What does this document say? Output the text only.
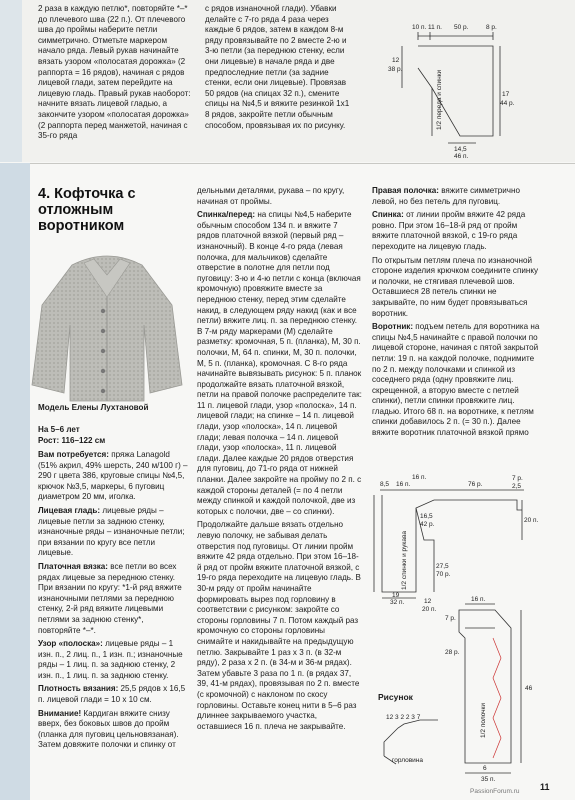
2 раза в каждую петлю*, повторяйте *–* до плечевого шва (22 п.). От плечевого шва до проймы наберите петли симметрично. Отметьте маркером начало ряда. Левый рукав начинайте вязать узором «полосатая дорожка» (2 раппорта = 16 рядов), начиная с рядов лицевой глади, затем перейдите на лицевую гладь. Правый рукав наоборот: начните вязать лицевой гладью, а закончите узором «полосатая дорожка» (2 раппорта перед манжетой, начиная с 35-го ряда

с рядов изнаночной глади). Убавки делайте с 7-го ряда 4 раза через каждые 6 рядов, затем в каждом 8-м ряду провязывайте по 2 вместе 2-ю и 3-ю петли (за переднюю стенку, если они лицевые) в начале ряда и две предпоследние петли (за задние стенки, если они лицевые). Провязав 50 рядов (на спицах 32 п.), смените спицы на №4,5 и вяжите резинкой 1х1 8 рядов, закройте петли обычным способом, провязывая их по рисунку.

10 п. 11 п. 50 р.	8 р.
12
38 р.
1/2 переда и спинки	17
44 р.
14,5
46 п.
4. Кофточка с отложным воротником
Модель Елены Лухтановой
На 5–6 лет
Рост: 116–122 см

Вам потребуется: пряжа Lanagold (51% акрил, 49% шерсть, 240 м/100 г) – 290 г цвета 386, круговые спицы №4,5, крючок №3,5, маркеры, 6 пуговиц диаметром 20 мм, иголка.

Лицевая гладь: лицевые ряды – лицевые петли за заднюю стенку, изнаночные ряды – изнаночные петли; при вязании по кругу все петли лицевые.

Платочная вязка: все петли во всех рядах лицевые за переднюю стенку. При вязании по кругу: *1-й ряд вяжите изнаночными петлями за переднюю стенку, 2-й ряд вяжите лицевыми петлями за заднюю стенку*, повторяйте *–*.

Узор «полоска»: лицевые ряды – 1 изн. п., 2 лиц. п., 1 изн. п.; изнаночные ряды – 1 лиц. п. за заднюю стенку, 2 изн. п., 1 лиц. п. за заднюю стенку.

Плотность вязания: 25,5 рядов x 16,5 п. лицевой глади = 10 х 10 см.

Внимание! Кардиган вяжите снизу вверх, без боковых швов до пройм (планка для пуговиц цельновязаная). Затем довяжите полочки и спинку от

дельными деталями, рукава – по кругу, начиная от проймы.

Спинка/перед: на спицы №4,5 наберите обычным способом 134 п. и вяжите 7 рядов платочной вязкой (первый ряд – изнаночный). В конце 4-го ряда (левая полочка, для мальчиков) сделайте отверстие в полотне для петли под пуговицу: 3-ю и 4-ю петли с конца (включая кромочную) провяжите вместе за переднюю стенку, перед этим сделайте накид, в следующем ряду накид (как и все петли) вяжите лиц. п. за переднюю стенку. В 7-м ряду маркерами (М) сделайте разметку: кромочная, 5 п. (планка), М, 30 п. полочки, М, 64 п. спинки, М, 30 п. полочки, М, 5 п. (планка), кромочная. С 8-го ряда начинайте вывязывать рисунок: 5 п. планок продолжайте вязать платочной вязкой, петли на правой полочке распределите так: 11 п. лицевой глади, узор «полоска», 14 п. лицевой глади; на спинке – 14 п. лицевой глади, узор «полоска», 14 п. лицевой глади; левая полочка – 14 п. лицевой глади, узор «полоска», 11 п. лицевой глади. Далее каждые 20 рядов отверстия для пуговиц, до 71-го ряда от нижней планки. Далее закройте на пройму по 2 п. с каждой стороны деталей (= по 4 петли между спинкой и каждой полочкой, две из которых с полочки, две – со спинки).

Продолжайте дальше вязать отдельно левую полочку, не забывая делать отверстия под пуговицы. От линии пройм вяжите 42 ряда отдельно. При этом 16–18-й ряд от пройм вяжите платочной вязкой, с 19-го ряда переходите на лицевую гладь. В 30-м ряду от пройм начинайте формировать вырез под горловину в соответствии с рисунком: закройте со стороны горловины 7 п. Потом каждый раз кромочную со стороны горловины снимайте и накидывайте на предыдущую петлю. Закрывайте 1 раз х 3 п. (в 32-м ряду), 2 раза х 2 п. (в 34-м и 36-м рядах). Затем убавьте 3 раза по 1 п. (в рядах 37, 39, 41-м рядах), провязывая по 2 п. вместе (с кромочной) с наклоном по скосу горловины. Оставьте конец нити в 5–6 раз длиннее закрываемого участка, оставшиеся 16 п. плеча не закрывайте.

Правая полочка: вяжите симметрично левой, но без петель для пуговиц.

Спинка: от линии пройм вяжите 42 ряда ровно. При этом 16–18-й ряд от пройм вяжите платочной вязкой, с 19-го ряда переходите на лицевую гладь.

По открытым петлям плеча по изнаночной стороне изделия крючком соедините спинку и полочки, не стягивая плечевой шов. Оставшиеся 28 петель спинки не закрывайте, по ним будет провязываться воротник.

Воротник: подъем петель для воротника на спицы №4,5 начинайте с правой полочки по лицевой стороне, начиная с пятой закрытой петли: 19 п. на каждой полочке, поднимите по 2 п. между полочками и спинкой из соседнего ряда (одну провяжите лиц. скрещенной, а вторую вместе с петлей спинки), петли спинки провяжите лиц. гладью. Итого 68 п. на воротнике, к петлям спинки добавилось 2 п. (= 30 п.). Далее вяжите воротник платочной вязкой прямо

8,5 16 п.
16 п.
76 р.
7 р.
2,5
16,5
42 р.
20 п.
1/2 спинки и рукава	27,5
70 р.
19
32 п.	12
20 п.
16 п.
7 р.
28 р.
1/2 полочки
46
6
35 п.
Рисунок
12 3 2 2 3 7
горловина
PassionForum.ru 11
